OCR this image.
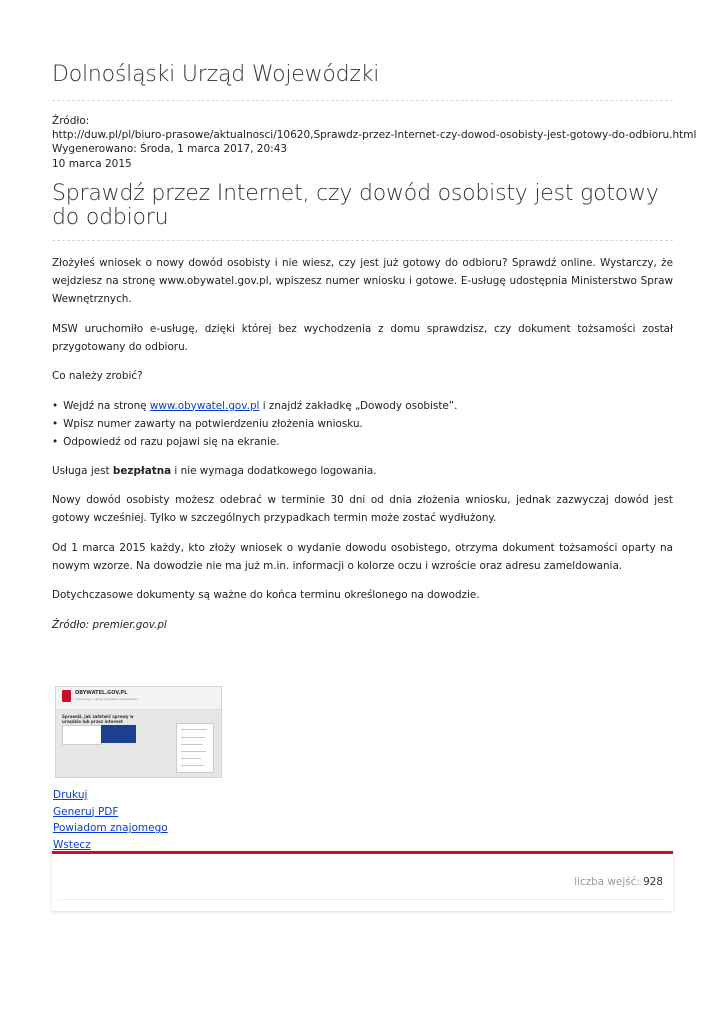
Dolnośląski Urząd Wojewódzki
Źródło:
http://duw.pl/pl/biuro-prasowe/aktualnosci/10620,Sprawdz-przez-Internet-czy-dowod-osobisty-jest-gotowy-do-odbioru.html
Wygenerowano: Środa, 1 marca 2017, 20:43
10 marca 2015
Sprawdź przez Internet, czy dowód osobisty jest gotowy do odbioru

Złożyłeś wniosek o nowy dowód osobisty i nie wiesz, czy jest już gotowy do odbioru? Sprawdź online. Wystarczy, że wejdziesz na stronę www.obywatel.gov.pl, wpiszesz numer wniosku i gotowe. E-usługę udostępnia Ministerstwo Spraw Wewnętrznych.

MSW uruchomiło e-usługę, dzięki której bez wychodzenia z domu sprawdzisz, czy dokument tożsamości został przygotowany do odbioru.

Co należy zrobić?

• Wejdź na stronę www.obywatel.gov.pl i znajdź zakładkę „Dowody osobiste”.
• Wpisz numer zawarty na potwierdzeniu złożenia wniosku.
• Odpowiedź od razu pojawi się na ekranie.

Usługa jest bezpłatna i nie wymaga dodatkowego logowania.

Nowy dowód osobisty możesz odebrać w terminie 30 dni od dnia złożenia wniosku, jednak zazwyczaj dowód jest gotowy wcześniej. Tylko w szczególnych przypadkach termin może zostać wydłużony.

Od 1 marca 2015 każdy, kto złoży wniosek o wydanie dowodu osobistego, otrzyma dokument tożsamości oparty na nowym wzorze. Na dowodzie nie ma już m.in. informacji o kolorze oczu i wzroście oraz adresu zameldowania.

Dotychczasowe dokumenty są ważne do końca terminu określonego na dowodzie.

Źródło: premier.gov.pl

OBYWATEL.GOV.PL
Informacje i usługi przyjazne obywatelom
Sprawdź, jak załatwić sprawy w urzędzie lub przez internet
Drukuj
Generuj PDF
Powiadom znajomego
Wstecz
liczba wejść: 928
